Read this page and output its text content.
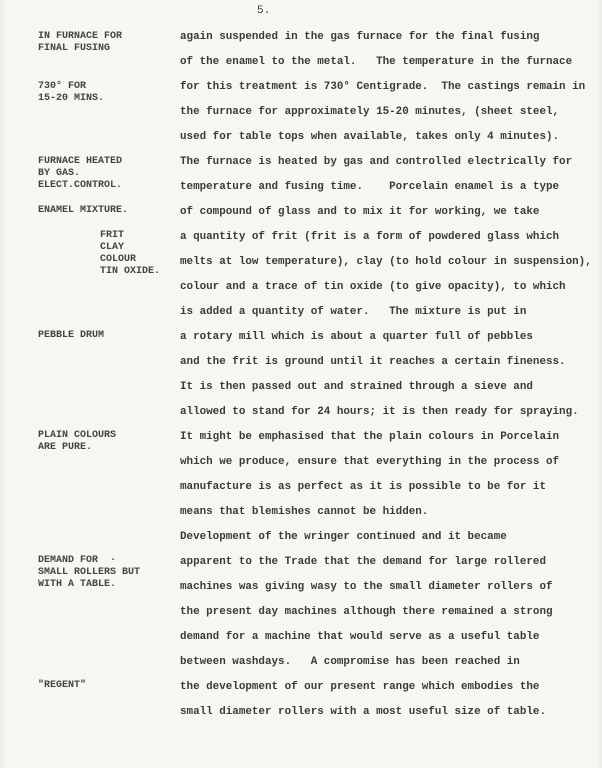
5.
IN FURNACE FOR
FINAL FUSING
730° FOR
15-20 MINS.
FURNACE HEATED
BY GAS.
ELECT.CONTROL.
ENAMEL MIXTURE.
FRIT
CLAY
COLOUR
TIN OXIDE.
PEBBLE DRUM
PLAIN COLOURS
ARE PURE.
DEMAND FOR  ·
SMALL ROLLERS BUT
WITH A TABLE.
"REGENT"
again suspended in the gas furnace for the final fusing
of the enamel to the metal.   The temperature in the furnace
for this treatment is 730° Centigrade.  The castings remain in
the furnace for approximately 15-20 minutes, (sheet steel,
used for table tops when available, takes only 4 minutes).
The furnace is heated by gas and controlled electrically for
temperature and fusing time.    Porcelain enamel is a type
of compound of glass and to mix it for working, we take
a quantity of frit (frit is a form of powdered glass which
melts at low temperature), clay (to hold colour in suspension),
colour and a trace of tin oxide (to give opacity), to which
is added a quantity of water.   The mixture is put in
a rotary mill which is about a quarter full of pebbles
and the frit is ground until it reaches a certain fineness.
It is then passed out and strained through a sieve and
allowed to stand for 24 hours; it is then ready for spraying.
It might be emphasised that the plain colours in Porcelain
which we produce, ensure that everything in the process of
manufacture is as perfect as it is possible to be for it
means that blemishes cannot be hidden.
Development of the wringer continued and it became
apparent to the Trade that the demand for large rollered
machines was giving wasy to the small diameter rollers of
the present day machines although there remained a strong
demand for a machine that would serve as a useful table
between washdays.   A compromise has been reached in
the development of our present range which embodies the
small diameter rollers with a most useful size of table.
